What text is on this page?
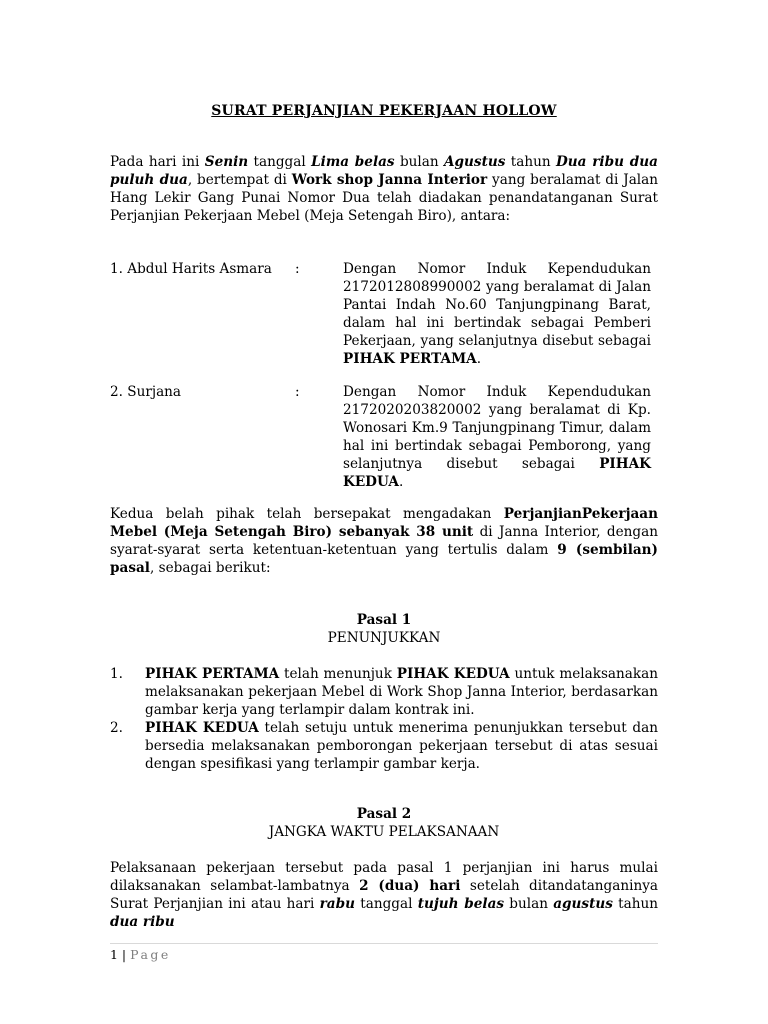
SURAT PERJANJIAN PEKERJAAN HOLLOW
Pada hari ini Senin tanggal Lima belas bulan Agustus tahun Dua ribu dua puluh dua, bertempat di Work shop Janna Interior yang beralamat di Jalan Hang Lekir Gang Punai Nomor Dua telah diadakan penandatanganan Surat Perjanjian Pekerjaan Mebel (Meja Setengah Biro), antara:
1. Abdul Harits Asmara :	Dengan Nomor Induk Kependudukan 2172012808990002 yang beralamat di Jalan Pantai Indah No.60 Tanjungpinang Barat, dalam hal ini bertindak sebagai Pemberi Pekerjaan, yang selanjutnya disebut sebagai PIHAK PERTAMA.
2. Surjana	:	Dengan Nomor Induk Kependudukan 2172020203820002 yang beralamat di Kp. Wonosari Km.9 Tanjungpinang Timur, dalam hal ini bertindak sebagai Pemborong, yang selanjutnya disebut sebagai PIHAK KEDUA.
Kedua belah pihak telah bersepakat mengadakan PerjanjianPekerjaan Mebel (Meja Setengah Biro) sebanyak 38 unit di Janna Interior, dengan syarat-syarat serta ketentuan-ketentuan yang tertulis dalam 9 (sembilan) pasal, sebagai berikut:
Pasal 1
PENUNJUKKAN
1. PIHAK PERTAMA telah menunjuk PIHAK KEDUA untuk melaksanakan melaksanakan pekerjaan Mebel di Work Shop Janna Interior, berdasarkan gambar kerja yang terlampir dalam kontrak ini.
2. PIHAK KEDUA telah setuju untuk menerima penunjukkan tersebut dan bersedia melaksanakan pemborongan pekerjaan tersebut di atas sesuai dengan spesifikasi yang terlampir gambar kerja.
Pasal 2
JANGKA WAKTU PELAKSANAAN
Pelaksanaan pekerjaan tersebut pada pasal 1 perjanjian ini harus mulai dilaksanakan selambat-lambatnya 2 (dua) hari setelah ditandatanganinya Surat Perjanjian ini atau hari rabu tanggal tujuh belas bulan agustus tahun dua ribu
1 | Page
